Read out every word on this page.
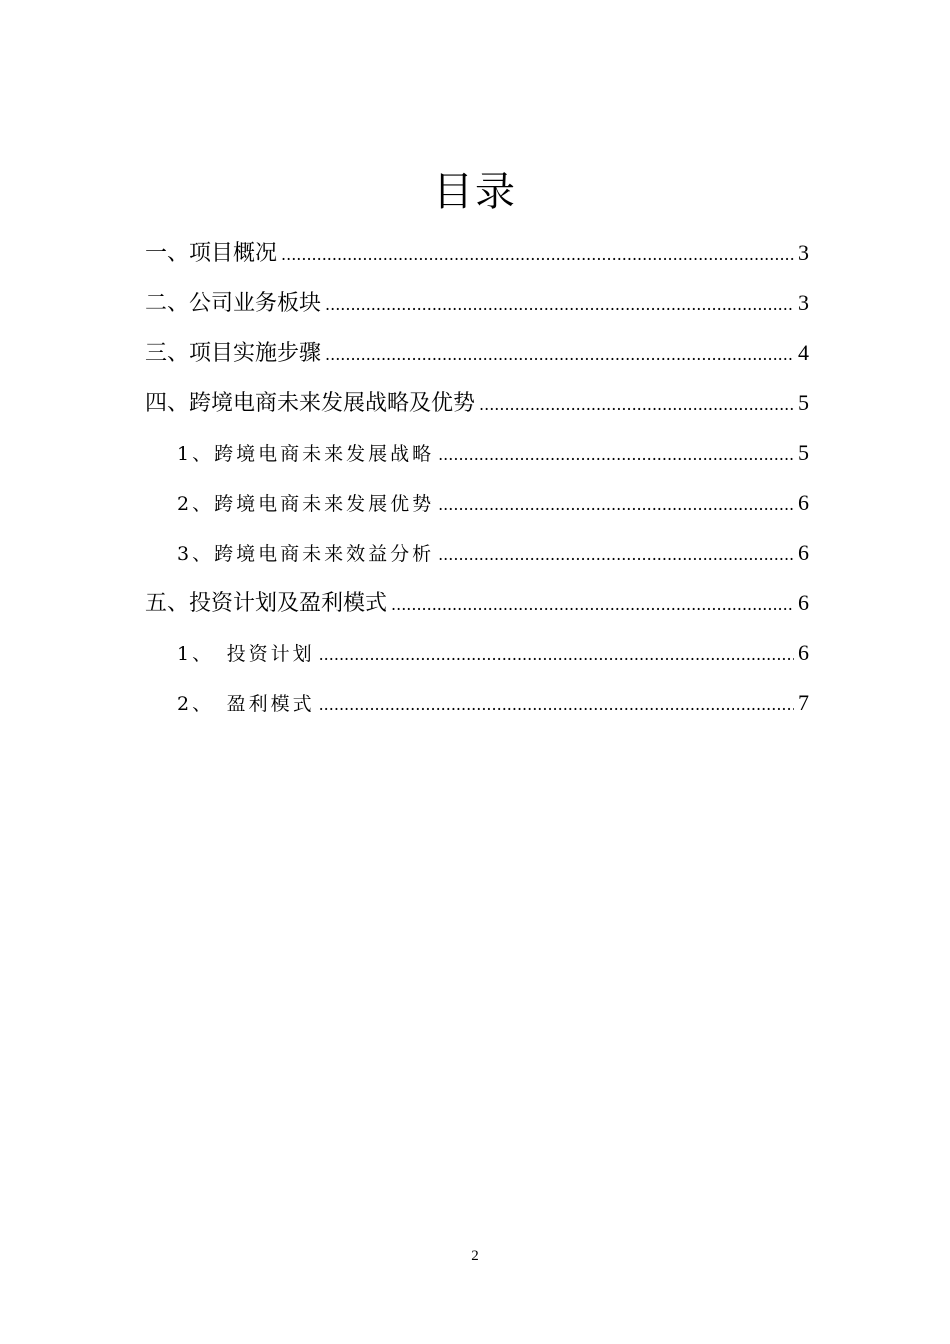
目录
一、项目概况 .....	3
二、公司业务板块 .....	3
三、项目实施步骤 .....	4
四、跨境电商未来发展战略及优势 .....	5
1、跨境电商未来发展战略 .....	5
2、跨境电商未来发展优势 .....	6
3、跨境电商未来效益分析 .....	6
五、投资计划及盈利模式 .....	6
1、　投资计划 .....	6
2、　盈利模式 .....	7
2
